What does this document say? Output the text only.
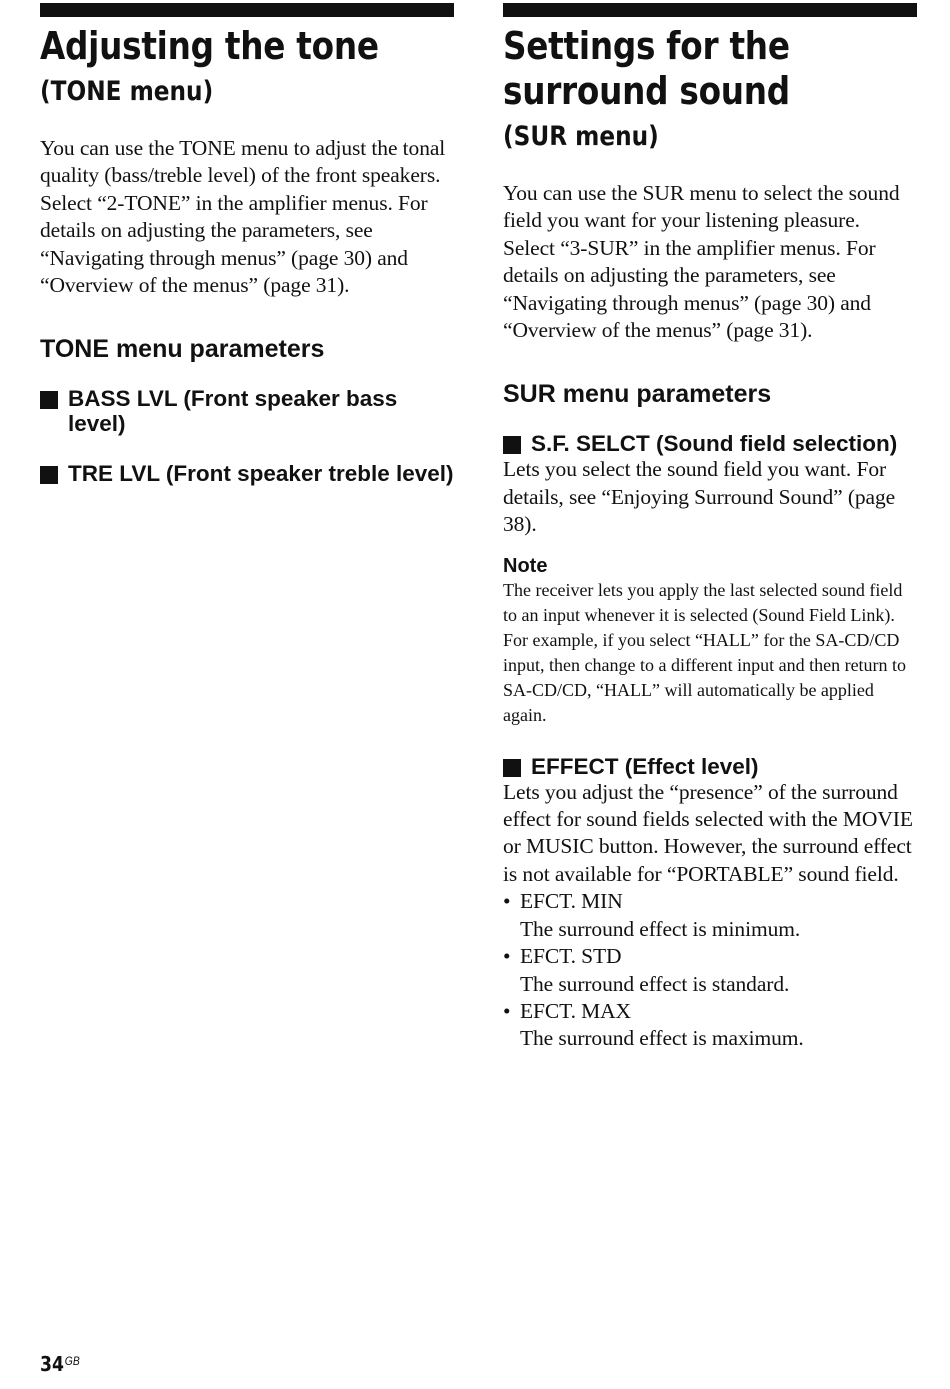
Adjusting the tone
(TONE menu)

You can use the TONE menu to adjust the tonal quality (bass/treble level) of the front speakers.

Select “2-TONE” in the amplifier menus. For details on adjusting the parameters, see “Navigating through menus” (page 30) and “Overview of the menus” (page 31).

TONE menu parameters
BASS LVL (Front speaker bass level)
TRE LVL (Front speaker treble level)
Settings for the surround sound
(SUR menu)

You can use the SUR menu to select the sound field you want for your listening pleasure.

Select “3-SUR” in the amplifier menus. For details on adjusting the parameters, see “Navigating through menus” (page 30) and “Overview of the menus” (page 31).

SUR menu parameters
S.F. SELCT (Sound field selection)

Lets you select the sound field you want. For details, see “Enjoying Surround Sound” (page 38).

Note

The receiver lets you apply the last selected sound field to an input whenever it is selected (Sound Field Link). For example, if you select “HALL” for the SA-CD/CD input, then change to a different input and then return to SA-CD/CD, “HALL” will automatically be applied again.

EFFECT (Effect level)

Lets you adjust the “presence” of the surround effect for sound fields selected with the MOVIE or MUSIC button. However, the surround effect is not available for “PORTABLE” sound field.

• EFCT. MIN
The surround effect is minimum.
• EFCT. STD
The surround effect is standard.
• EFCT. MAX
The surround effect is maximum.
$34^{GB}$
